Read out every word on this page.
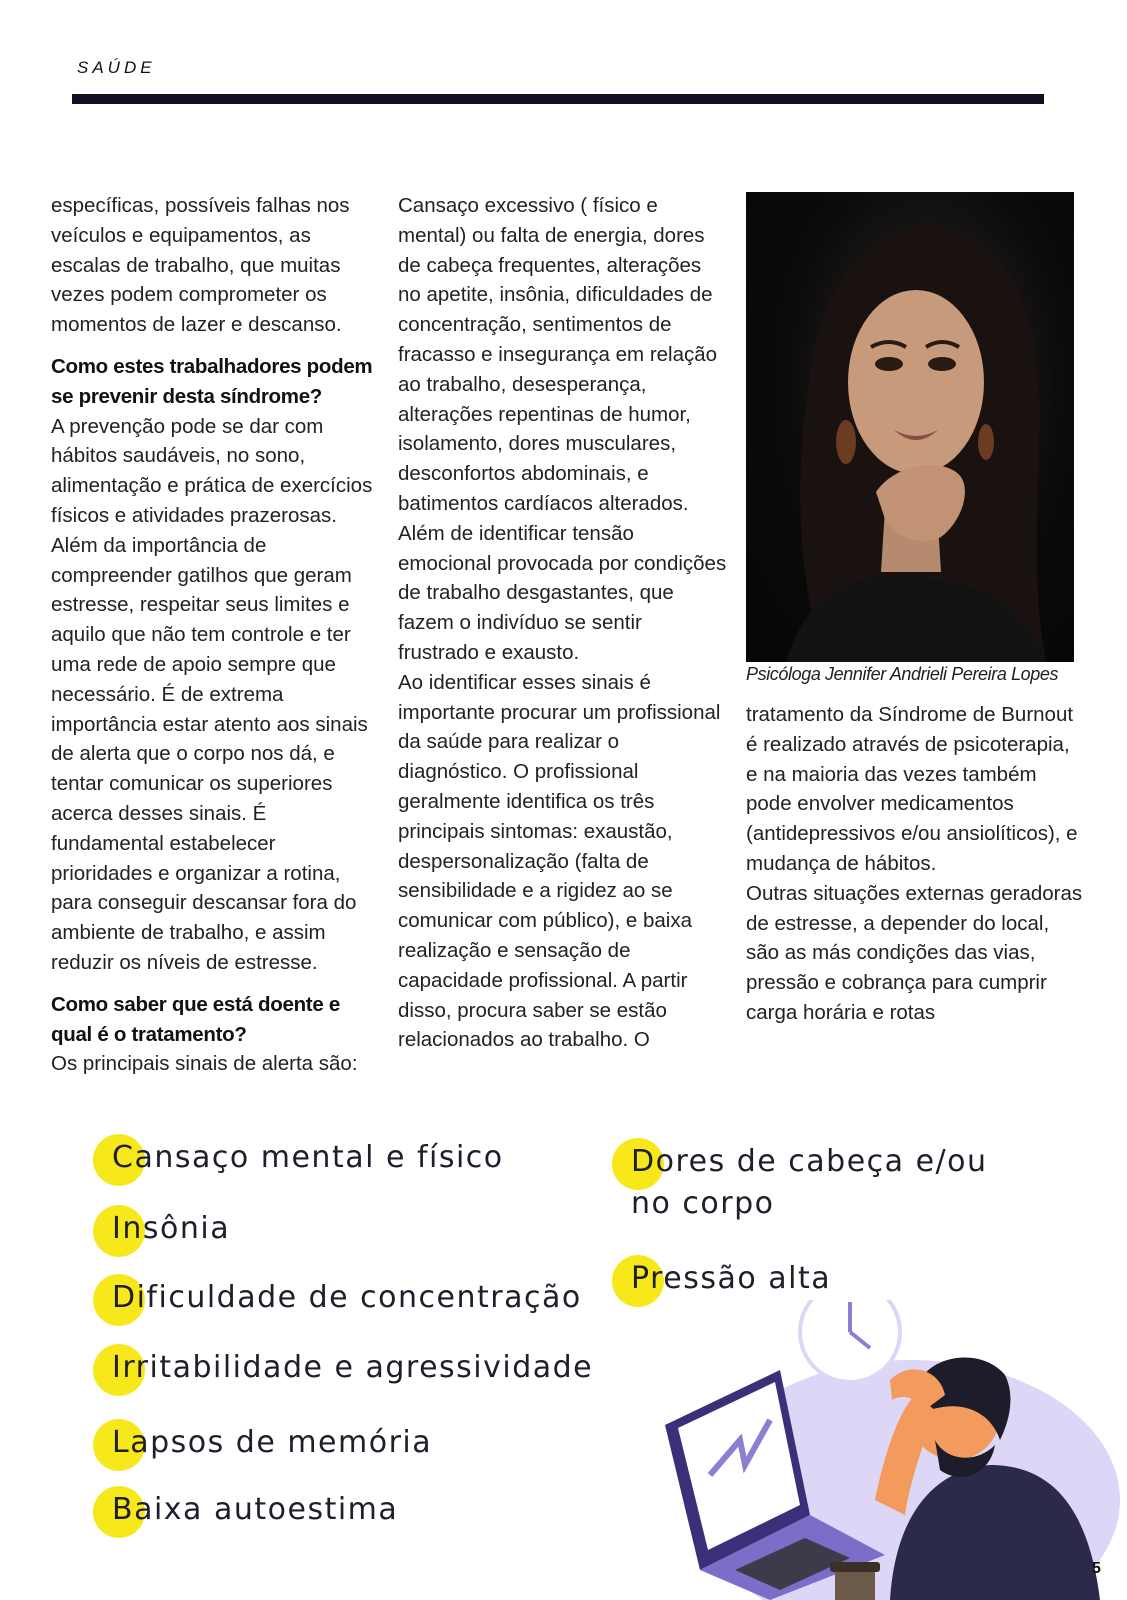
SAÚDE

específicas, possíveis falhas nos veículos e equipamentos, as escalas de trabalho, que muitas vezes podem comprometer os momentos de lazer e descanso.

Como estes trabalhadores podem se prevenir desta síndrome?

A prevenção pode se dar com hábitos saudáveis, no sono, alimentação e prática de exercícios físicos e atividades prazerosas. Além da importância de compreender gatilhos que geram estresse, respeitar seus limites e aquilo que não tem controle e ter uma rede de apoio sempre que necessário. É de extrema importância estar atento aos sinais de alerta que o corpo nos dá, e tentar comunicar os superiores acerca desses sinais. É fundamental estabelecer prioridades e organizar a rotina, para conseguir descansar fora do ambiente de trabalho, e assim reduzir os níveis de estresse.

Como saber que está doente e qual é o tratamento?

Os principais sinais de alerta são:

Cansaço excessivo ( físico e mental) ou falta de energia, dores de cabeça frequentes, alterações no apetite, insônia, dificuldades de concentração, sentimentos de fracasso e insegurança em relação ao trabalho, desesperança, alterações repentinas de humor, isolamento, dores musculares, desconfortos abdominais, e batimentos cardíacos alterados. Além de identificar tensão emocional provocada por condições de trabalho desgastantes, que fazem o indivíduo se sentir frustrado e exausto.

Ao identificar esses sinais é importante procurar um profissional da saúde para realizar o diagnóstico. O profissional geralmente identifica os três principais sintomas: exaustão, despersonalização (falta de sensibilidade e a rigidez ao se comunicar com público), e baixa realização e sensação de capacidade profissional. A partir disso, procura saber se estão relacionados ao trabalho. O

Psicóloga Jennifer Andrieli Pereira Lopes

tratamento da Síndrome de Burnout é realizado através de psicoterapia, e na maioria das vezes também pode envolver medicamentos (antidepressivos e/ou ansiolíticos), e mudança de hábitos.

Outras situações externas geradoras de estresse, a depender do local, são as más condições das vias, pressão e cobrança para cumprir carga horária e rotas

Cansaço mental e físico
Insônia
Dificuldade de concentração
Irritabilidade e agressividade
Lapsos de memória
Baixa autoestima
Dores de cabeça e/ou no corpo
Pressão alta
5
